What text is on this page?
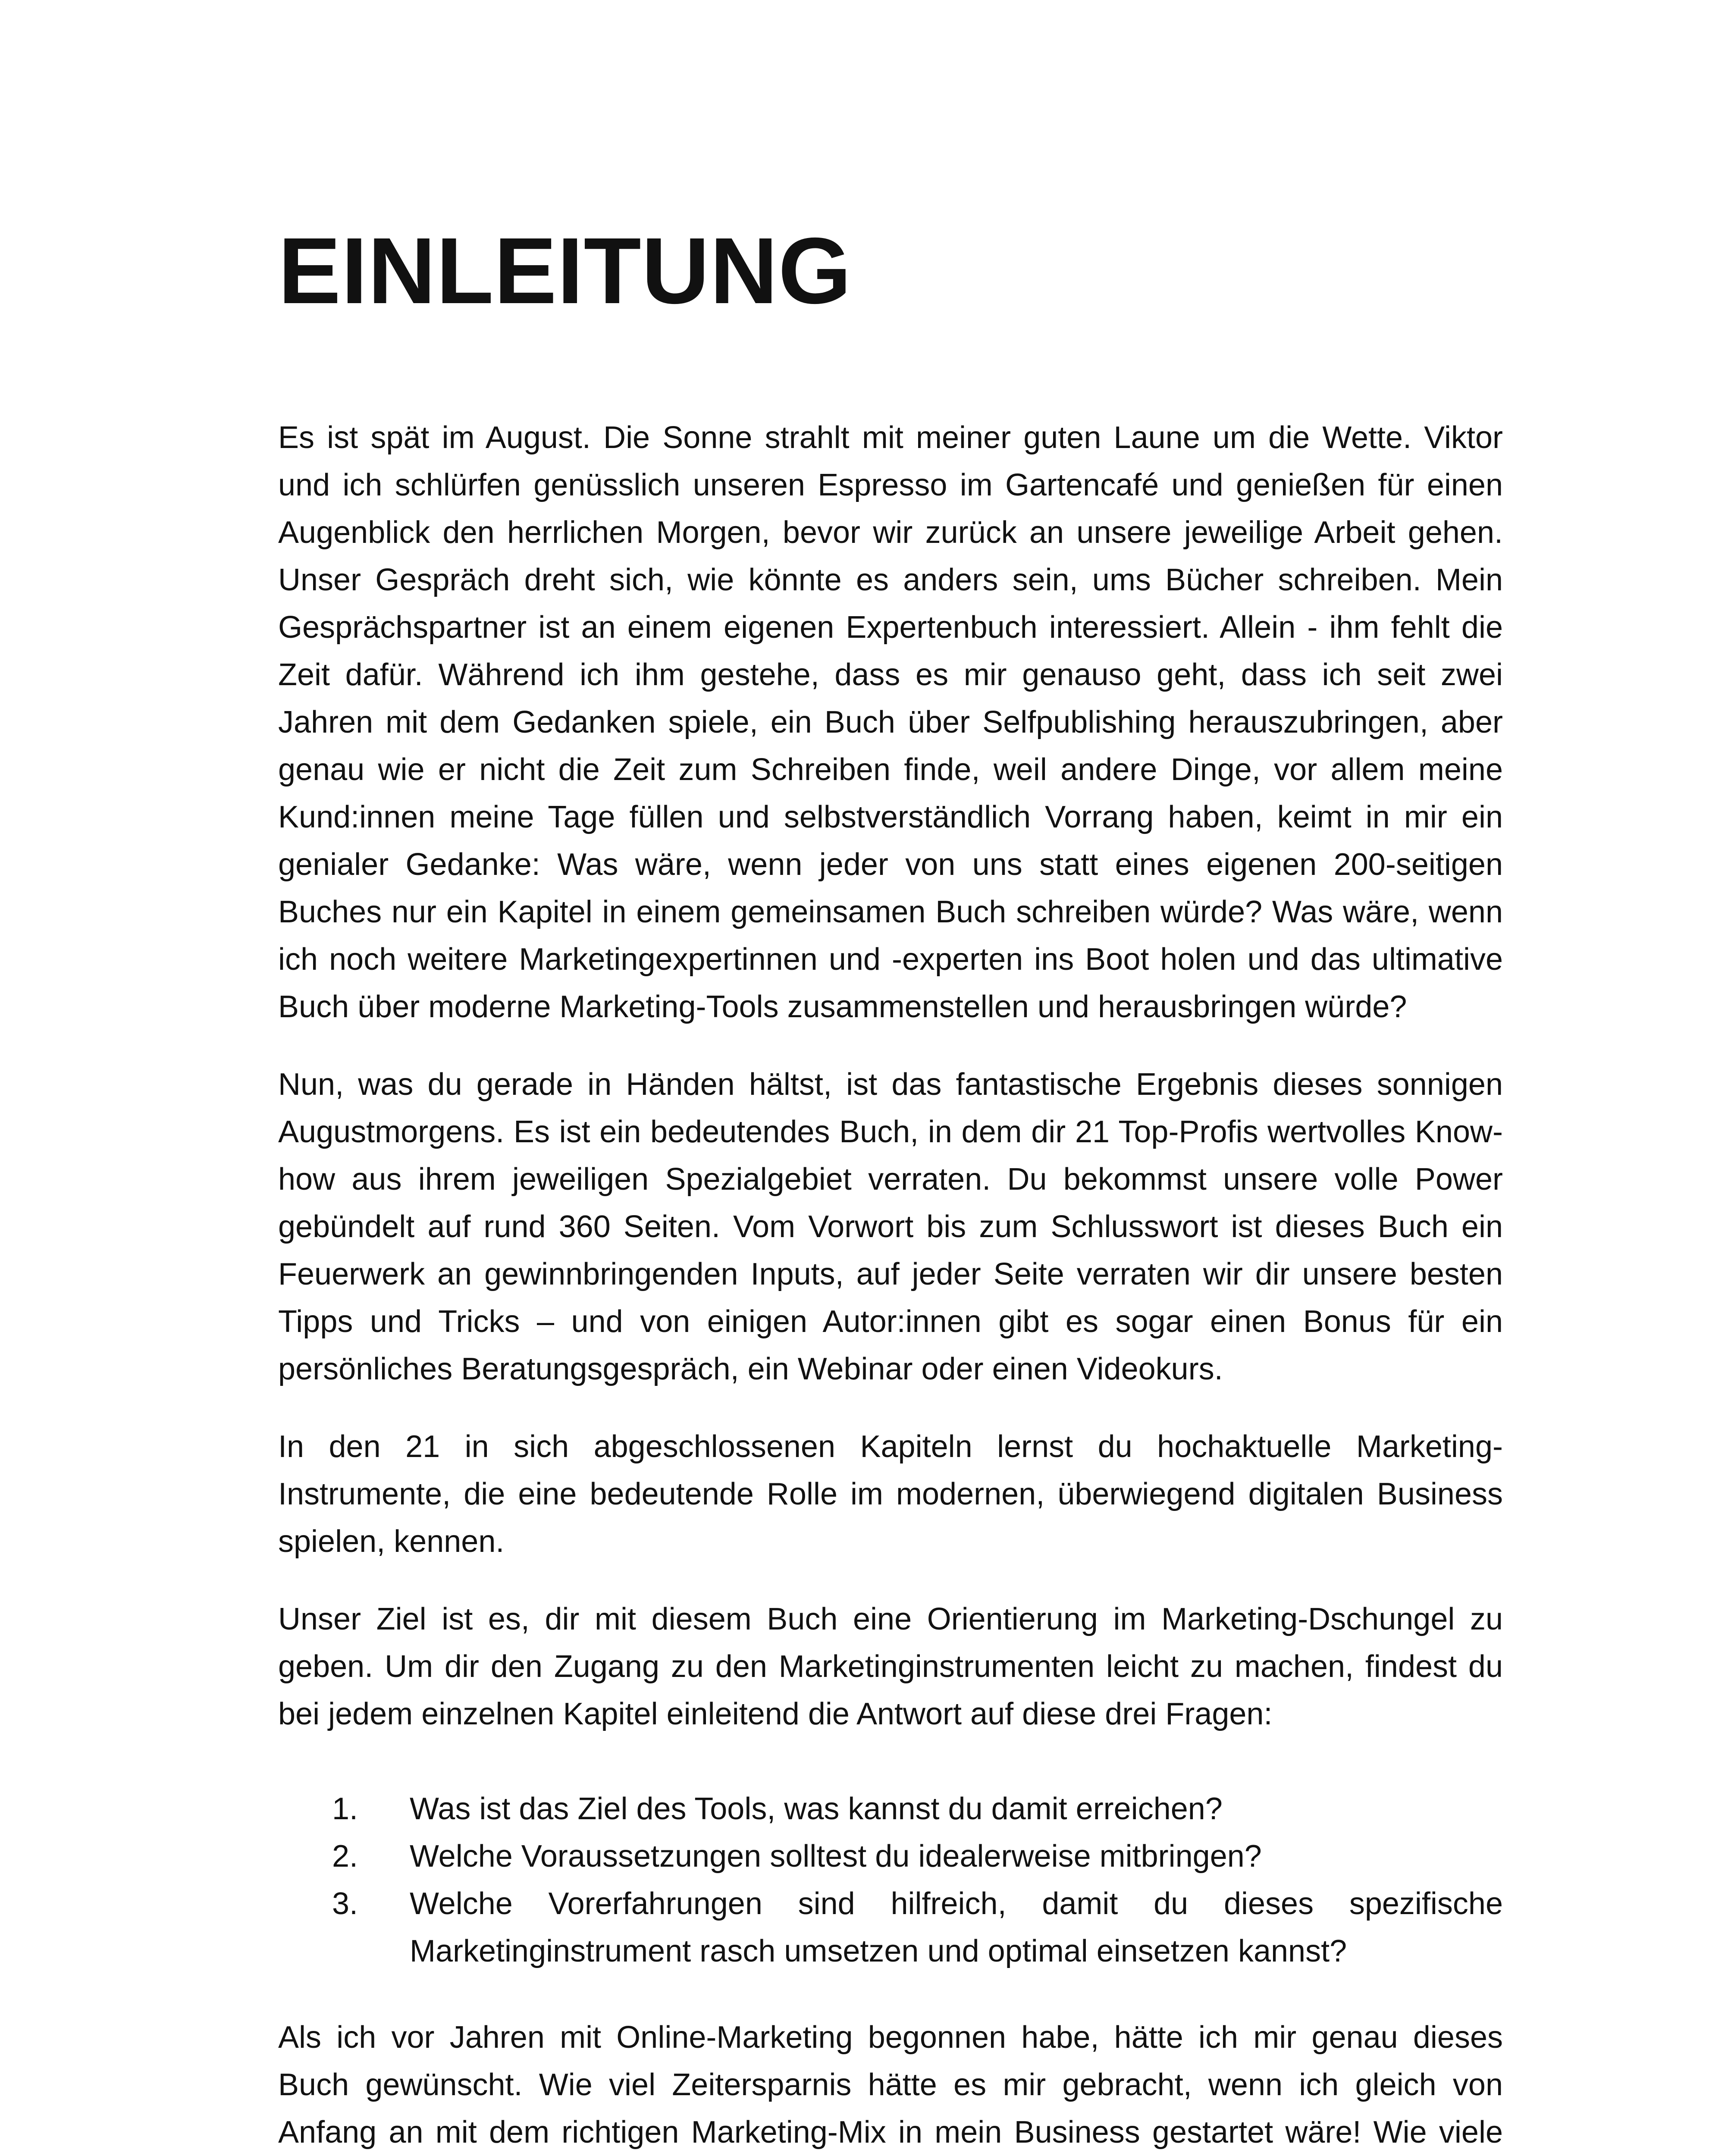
EINLEITUNG

Es ist spät im August. Die Sonne strahlt mit meiner guten Laune um die Wette. Viktor und ich schlürfen genüsslich unseren Espresso im Gartencafé und genießen für einen Augenblick den herrlichen Morgen, bevor wir zurück an unsere jeweilige Arbeit gehen. Unser Gespräch dreht sich, wie könnte es anders sein, ums Bücher schreiben. Mein Gesprächspartner ist an einem eigenen Expertenbuch interessiert. Allein - ihm fehlt die Zeit dafür. Während ich ihm gestehe, dass es mir genauso geht, dass ich seit zwei Jahren mit dem Gedanken spiele, ein Buch über Selfpublishing herauszubringen, aber genau wie er nicht die Zeit zum Schreiben finde, weil andere Dinge, vor allem meine Kund:innen meine Tage füllen und selbstverständlich Vorrang haben, keimt in mir ein genialer Gedanke: Was wäre, wenn jeder von uns statt eines eigenen 200-seitigen Buches nur ein Kapitel in einem gemeinsamen Buch schreiben würde? Was wäre, wenn ich noch weitere Marketingexpertinnen und -experten ins Boot holen und das ultimative Buch über moderne Marketing-Tools zusammenstellen und herausbringen würde?

Nun, was du gerade in Händen hältst, ist das fantastische Ergebnis dieses sonnigen Augustmorgens. Es ist ein bedeutendes Buch, in dem dir 21 Top-Profis wertvolles Know-how aus ihrem jeweiligen Spezialgebiet verraten. Du bekommst unsere volle Power gebündelt auf rund 360 Seiten. Vom Vorwort bis zum Schlusswort ist dieses Buch ein Feuerwerk an gewinnbringenden Inputs, auf jeder Seite verraten wir dir unsere besten Tipps und Tricks – und von einigen Autor:innen gibt es sogar einen Bonus für ein persönliches Beratungsgespräch, ein Webinar oder einen Videokurs.

In den 21 in sich abgeschlossenen Kapiteln lernst du hochaktuelle Marketing-Instrumente, die eine bedeutende Rolle im modernen, überwiegend digitalen Business spielen, kennen.

Unser Ziel ist es, dir mit diesem Buch eine Orientierung im Marketing-Dschungel zu geben. Um dir den Zugang zu den Marketinginstrumenten leicht zu machen, findest du bei jedem einzelnen Kapitel einleitend die Antwort auf diese drei Fragen:

1.	Was ist das Ziel des Tools, was kannst du damit erreichen?
2.	Welche Voraussetzungen solltest du idealerweise mitbringen?
3.	Welche Vorerfahrungen sind hilfreich, damit du dieses spezifische Marketinginstrument rasch umsetzen und optimal einsetzen kannst?

Als ich vor Jahren mit Online-Marketing begonnen habe, hätte ich mir genau dieses Buch gewünscht. Wie viel Zeitersparnis hätte es mir gebracht, wenn ich gleich von Anfang an mit dem richtigen Marketing-Mix in mein Business gestartet wäre! Wie viele
